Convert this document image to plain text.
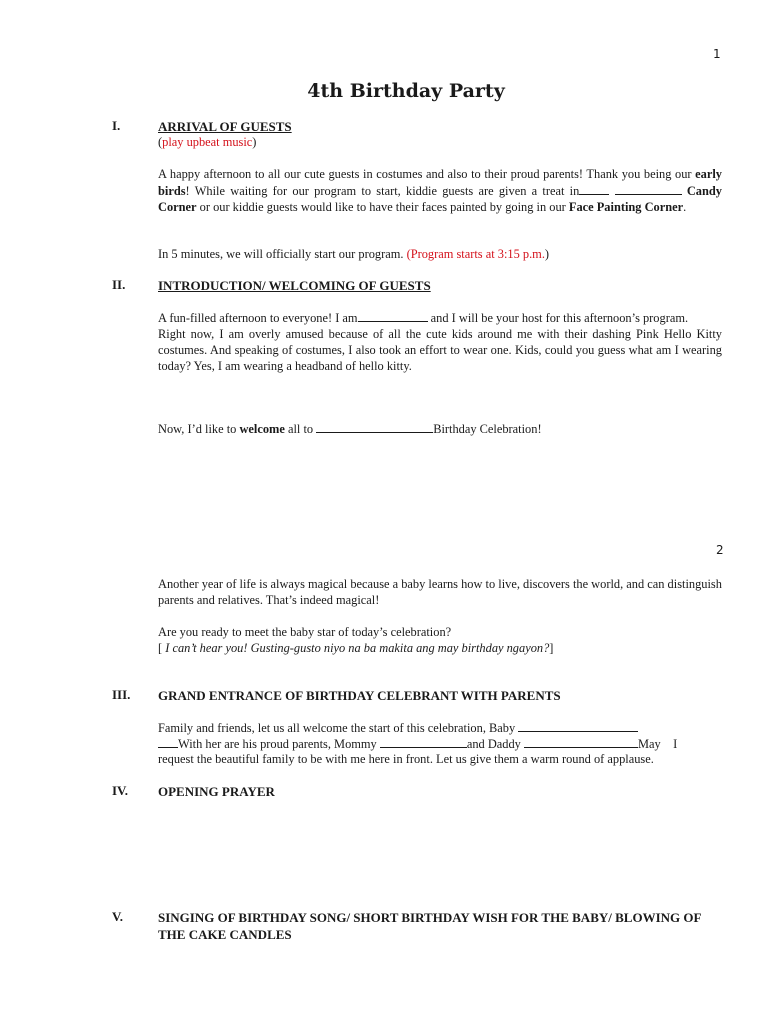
1
4th Birthday Party
I.	ARRIVAL OF GUESTS
(play upbeat music)
A happy afternoon to all our cute guests in costumes and also to their proud parents! Thank you being our early birds! While waiting for our program to start, kiddie guests are given a treat in	Candy Corner or our kiddie guests would like to have their faces painted by going in our Face Painting Corner.
In 5 minutes, we will officially start our program. (Program starts at 3:15 p.m.)
II.	INTRODUCTION/ WELCOMING OF GUESTS
A fun-filled afternoon to everyone! I am	and I will be your host for this afternoon’s program.
Right now, I am overly amused because of all the cute kids around me with their dashing Pink Hello Kitty costumes. And speaking of costumes, I also took an effort to wear one. Kids, could you guess what am I wearing today? Yes, I am wearing a headband of hello kitty.
Now, I’d like to welcome all to	Birthday Celebration!
2
Another year of life is always magical because a baby learns how to live, discovers the world, and can distinguish parents and relatives. That’s indeed magical!
Are you ready to meet the baby star of today’s celebration?
[ I can’t hear you! Gusting-gusto niyo na ba makita ang may birthday ngayon?]
III. GRAND ENTRANCE OF BIRTHDAY CELEBRANT WITH PARENTS
Family and friends, let us all welcome the start of this celebration, Baby
With her are his proud parents, Mommy	and Daddy	May    I
request the beautiful family to be with me here in front. Let us give them a warm round of applause.
IV. OPENING PRAYER
V.	SINGING OF BIRTHDAY SONG/ SHORT BIRTHDAY WISH FOR THE BABY/ BLOWING OF THE CAKE CANDLES
